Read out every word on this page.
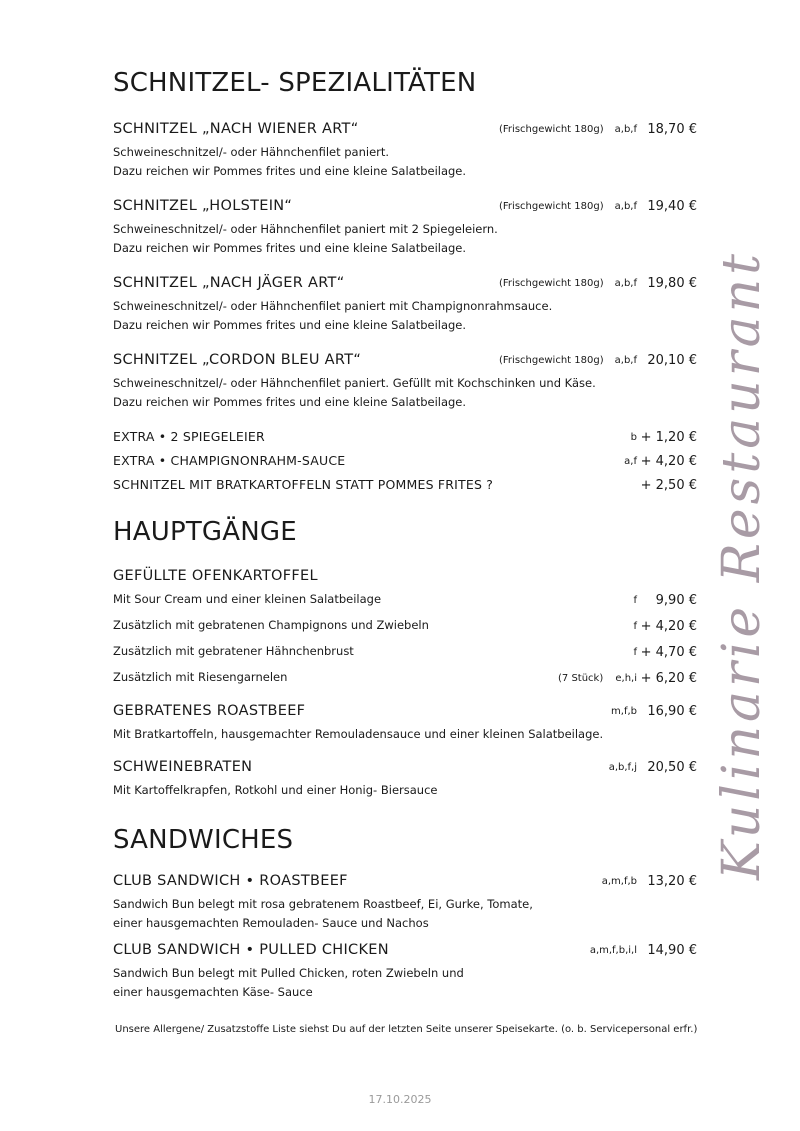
SCHNITZEL- SPEZIALITÄTEN
SCHNITZEL „NACH WIENER ART“	(Frischgewicht 180g) a,b,f 18,70 €
Schweineschnitzel/- oder Hähnchenfilet paniert.
Dazu reichen wir Pommes frites und eine kleine Salatbeilage.
SCHNITZEL „HOLSTEIN“	(Frischgewicht 180g) a,b,f 19,40 €
Schweineschnitzel/- oder Hähnchenfilet paniert mit 2 Spiegeleiern.
Dazu reichen wir Pommes frites und eine kleine Salatbeilage.
SCHNITZEL „NACH JÄGER ART“	(Frischgewicht 180g) a,b,f 19,80 €
Schweineschnitzel/- oder Hähnchenfilet paniert mit Champignonrahmsauce.
Dazu reichen wir Pommes frites und eine kleine Salatbeilage.
SCHNITZEL „CORDON BLEU ART“	(Frischgewicht 180g) a,b,f 20,10 €
Schweineschnitzel/- oder Hähnchenfilet paniert. Gefüllt mit Kochschinken und Käse.
Dazu reichen wir Pommes frites und eine kleine Salatbeilage.
EXTRA • 2 SPIEGELEIER	b + 1,20 €
EXTRA • CHAMPIGNONRAHM-SAUCE	a,f + 4,20 €
SCHNITZEL MIT BRATKARTOFFELN STATT POMMES FRITES ?	+ 2,50 €
HAUPTGÄNGE
GEFÜLLTE OFENKARTOFFEL
Mit Sour Cream und einer kleinen Salatbeilage	f 9,90 €
Zusätzlich mit gebratenen Champignons und Zwiebeln	f + 4,20 €
Zusätzlich mit gebratener Hähnchenbrust	f + 4,70 €
Zusätzlich mit Riesengarnelen	(7 Stück) e,h,i + 6,20 €
GEBRATENES ROASTBEEF	m,f,b 16,90 €
Mit Bratkartoffeln, hausgemachter Remouladensauce und einer kleinen Salatbeilage.
SCHWEINEBRATEN	a,b,f,j 20,50 €
Mit Kartoffelkrapfen, Rotkohl und einer Honig- Biersauce
SANDWICHES
CLUB SANDWICH • ROASTBEEF	a,m,f,b 13,20 €
Sandwich Bun belegt mit rosa gebratenem Roastbeef, Ei, Gurke, Tomate,
einer hausgemachten Remouladen- Sauce und Nachos
CLUB SANDWICH • PULLED CHICKEN	a,m,f,b,i,l 14,90 €
Sandwich Bun belegt mit Pulled Chicken, roten Zwiebeln und
einer hausgemachten Käse- Sauce
Unsere Allergene/ Zusatzstoffe Liste siehst Du auf der letzten Seite unserer Speisekarte. (o. b. Servicepersonal erfr.)
17.10.2025
Kulinarie Restaurant
